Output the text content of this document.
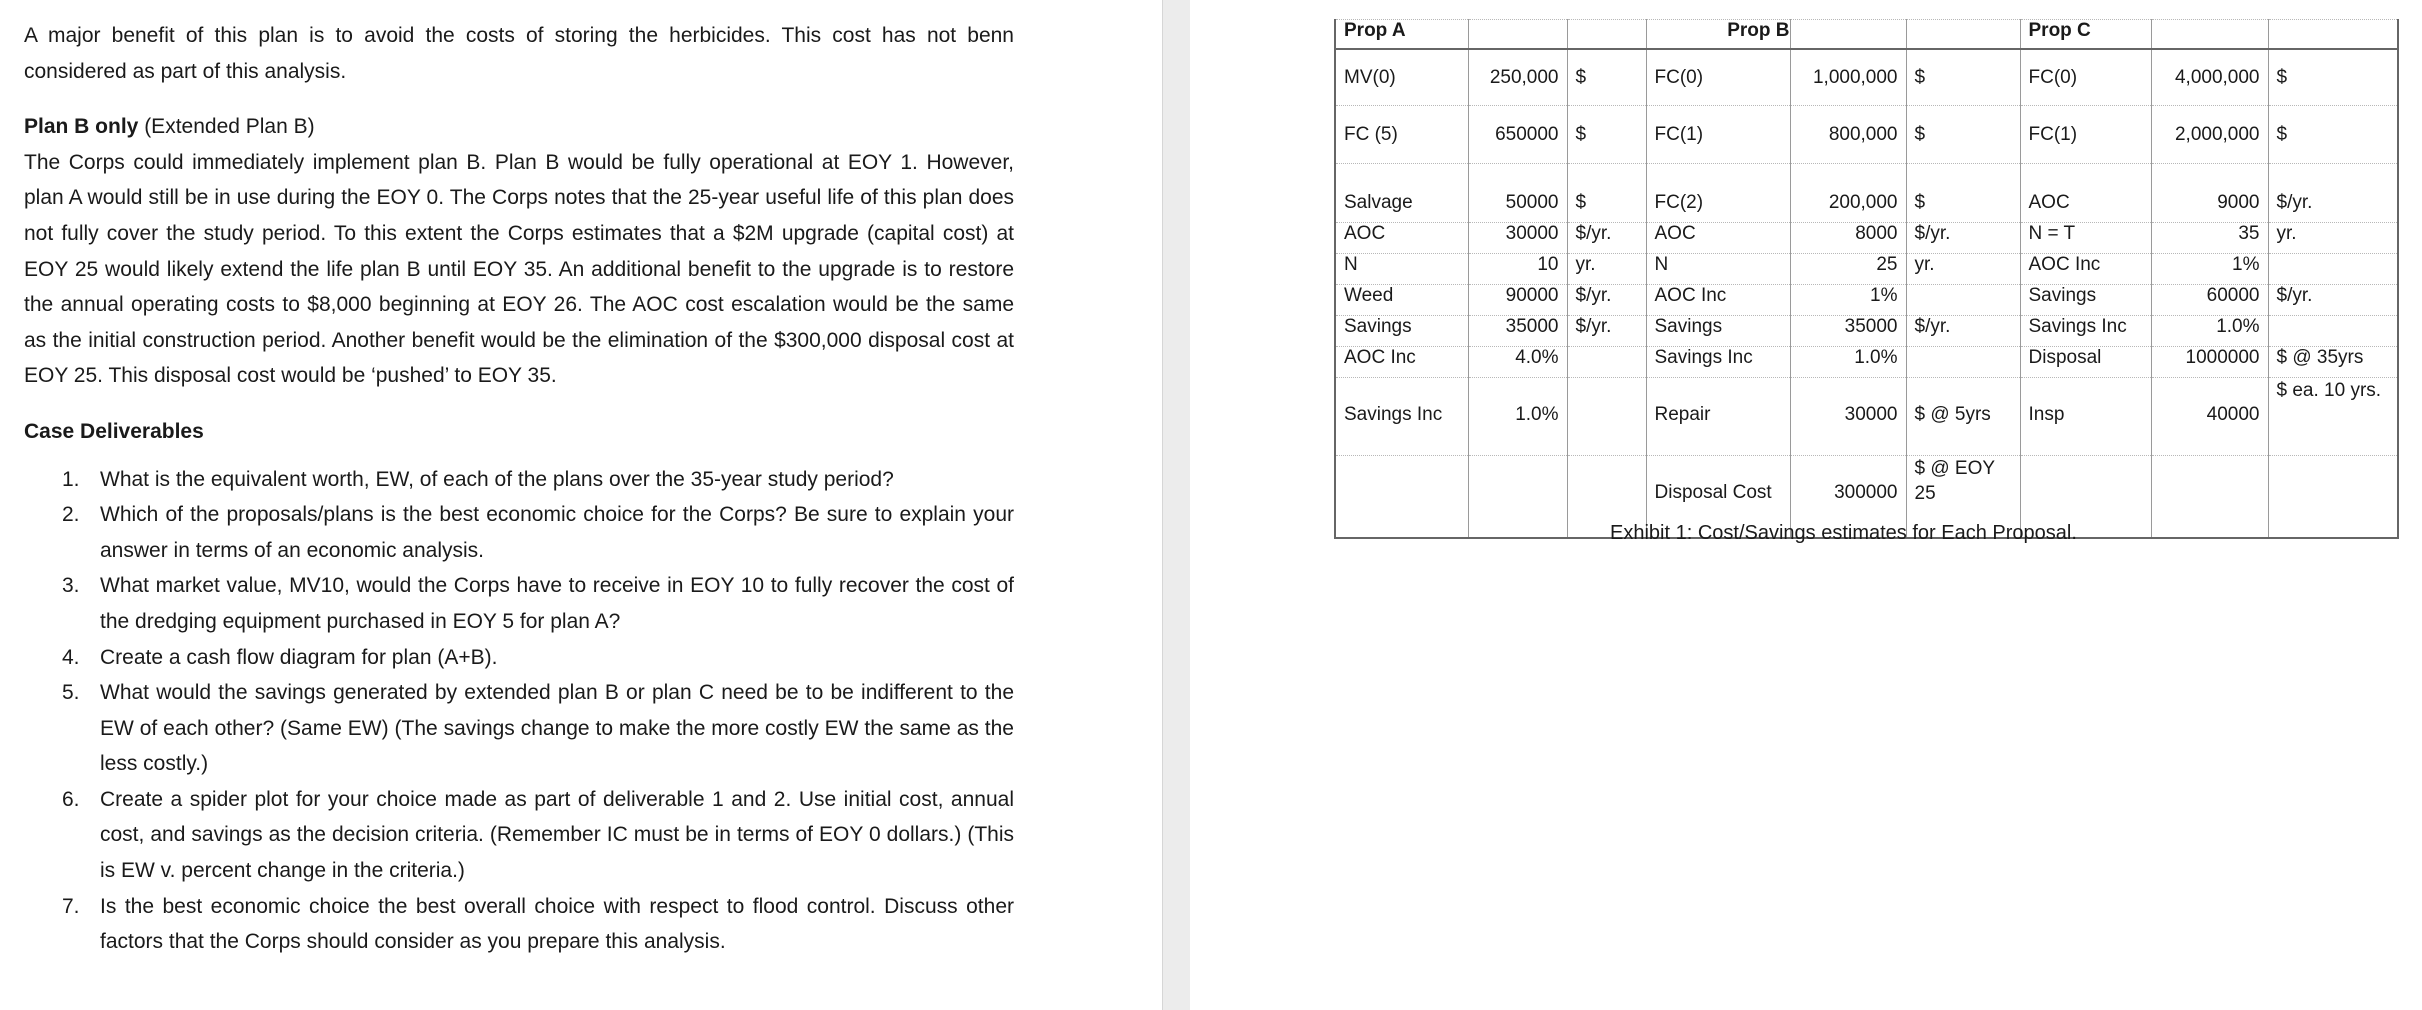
A major benefit of this plan is to avoid the costs of storing the herbicides. This cost has not benn considered as part of this analysis.

Plan B only (Extended Plan B)

The Corps could immediately implement plan B. Plan B would be fully operational at EOY 1. However, plan A would still be in use during the EOY 0. The Corps notes that the 25-year useful life of this plan does not fully cover the study period. To this extent the Corps estimates that a $2M upgrade (capital cost) at EOY 25 would likely extend the life plan B until EOY 35. An additional benefit to the upgrade is to restore the annual operating costs to $8,000 beginning at EOY 26. The AOC cost escalation would be the same as the initial construction period. Another benefit would be the elimination of the $300,000 disposal cost at EOY 25. This disposal cost would be ‘pushed’ to EOY 35.

Case Deliverables

1. What is the equivalent worth, EW, of each of the plans over the 35-year study period?
2. Which of the proposals/plans is the best economic choice for the Corps? Be sure to explain your answer in terms of an economic analysis.
3. What market value, MV10, would the Corps have to receive in EOY 10 to fully recover the cost of the dredging equipment purchased in EOY 5 for plan A?
4. Create a cash flow diagram for plan (A+B).
5. What would the savings generated by extended plan B or plan C need be to be indifferent to the EW of each other? (Same EW) (The savings change to make the more costly EW the same as the less costly.)
6. Create a spider plot for your choice made as part of deliverable 1 and 2. Use initial cost, annual cost, and savings as the decision criteria. (Remember IC must be in terms of EOY 0 dollars.) (This is EW v. percent change in the criteria.)
7. Is the best economic choice the best overall choice with respect to flood control. Discuss other factors that the Corps should consider as you prepare this analysis.
Prop A			Prop B			Prop C		
MV(0)	250,000	$	FC(0)	1,000,000	$	FC(0)	4,000,000	$
FC (5)	650000	$	FC(1)	800,000	$	FC(1)	2,000,000	$
Salvage	50000	$	FC(2)	200,000	$	AOC	9000	$/yr.
AOC	30000	$/yr.	AOC	8000	$/yr.	N = T	35	yr.
N	10	yr.	N	25	yr.	AOC Inc	1%	
Weed	90000	$/yr.	AOC Inc	1%		Savings	60000	$/yr.
Savings	35000	$/yr.	Savings	35000	$/yr.	Savings Inc	1.0%	
AOC Inc	4.0%		Savings Inc	1.0%		Disposal	1000000	$ @ 35yrs
Savings Inc	1.0%		Repair	30000	$ @ 5yrs	Insp	40000	$ ea. 10 yrs.
			Disposal Cost	300000	$ @ EOY 25			
Exhibit 1: Cost/Savings estimates for Each Proposal.
